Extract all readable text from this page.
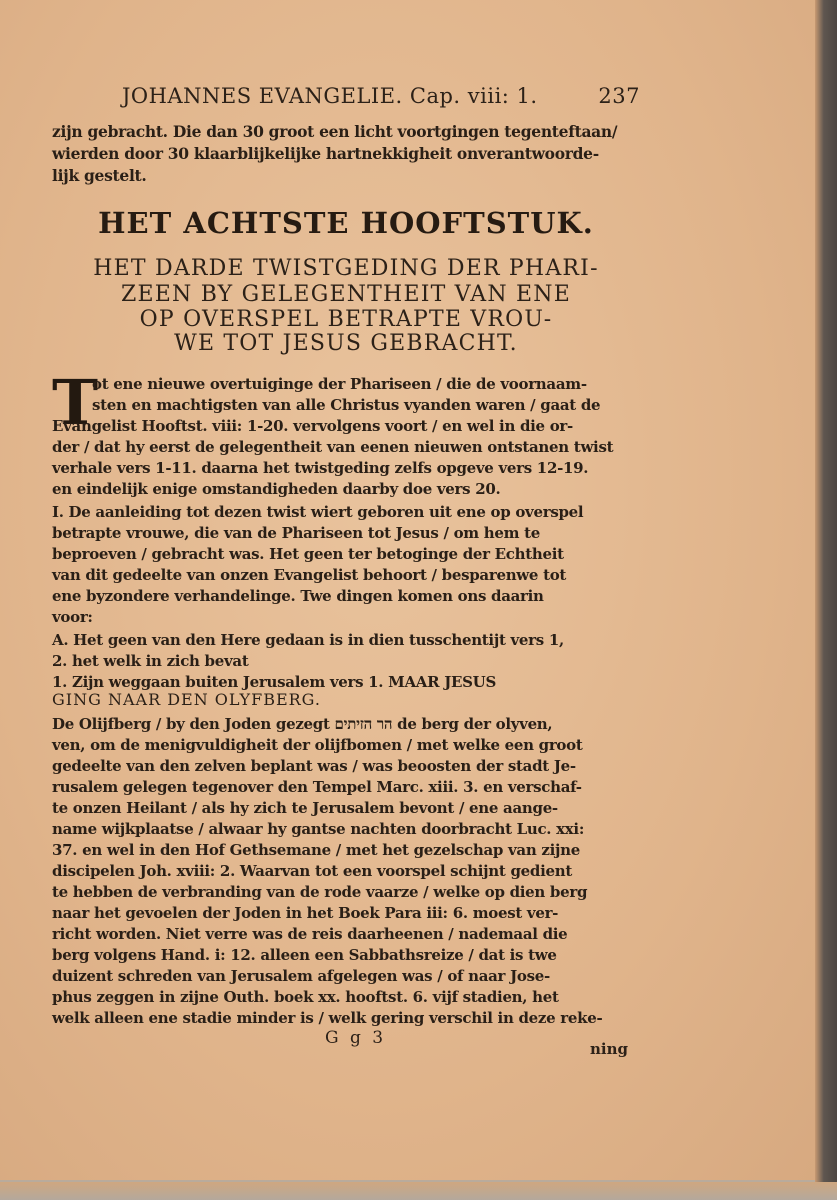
JOHANNES EVANGELIE. Cap. viii: 1.	237
zijn gebracht. Die dan 30 groot een licht voortgingen tegenteftaan/
wierden door 30 klaarblijkelijke hartnekkigheit onverantwoorde-
lijk gestelt.
HET ACHTSTE HOOFTSTUK.
HET DARDE TWISTGEDING DER PHARI-
ZEEN BY GELEGENTHEIT VAN ENE
OP OVERSPEL BETRAPTE VROU-
WE TOT JESUS GEBRACHT.
T
ot ene nieuwe overtuiginge der Phariseen / die de voornaam-
sten en machtigsten van alle Christus vyanden waren / gaat de
Evangelist Hooftst. viii: 1-20. vervolgens voort / en wel in die or-
der / dat hy eerst de gelegentheit van eenen nieuwen ontstanen twist
verhale vers 1-11. daarna het twistgeding zelfs opgeve vers 12-19.
en eindelijk enige omstandigheden daarby doe vers 20.
I. De aanleiding tot dezen twist wiert geboren uit ene op overspel
betrapte vrouwe, die van de Phariseen tot Jesus / om hem te
beproeven / gebracht was. Het geen ter betoginge der Echtheit
van dit gedeelte van onzen Evangelist behoort / besparenwe tot
ene byzondere verhandelinge. Twe dingen komen ons daarin
voor:
A. Het geen van den Here gedaan is in dien tusschentijt vers 1,
2. het welk in zich bevat
1. Zijn weggaan buiten Jerusalem vers 1. MAAR JESUS
GING NAAR DEN OLYFBERG.
De Olijfberg / by den Joden gezegt הר הזיתים de berg der olyven,
ven, om de menigvuldigheit der olijfbomen / met welke een groot
gedeelte van den zelven beplant was / was beoosten der stadt Je-
rusalem gelegen tegenover den Tempel Marc. xiii. 3. en verschaf-
te onzen Heilant / als hy zich te Jerusalem bevont / ene aange-
name wijkplaatse / alwaar hy gantse nachten doorbracht Luc. xxi:
37. en wel in den Hof Gethsemane / met het gezelschap van zijne
discipelen Joh. xviii: 2. Waarvan tot een voorspel schijnt gedient
te hebben de verbranding van de rode vaarze / welke op dien berg
naar het gevoelen der Joden in het Boek Para iii: 6. moest ver-
richt worden. Niet verre was de reis daarheenen / nademaal die
berg volgens Hand. i: 12. alleen een Sabbathsreize / dat is twe
duizent schreden van Jerusalem afgelegen was / of naar Jose-
phus zeggen in zijne Outh. boek xx. hooftst. 6. vijf stadien, het
welk alleen ene stadie minder is / welk gering verschil in deze reke-
G g 3
ning
